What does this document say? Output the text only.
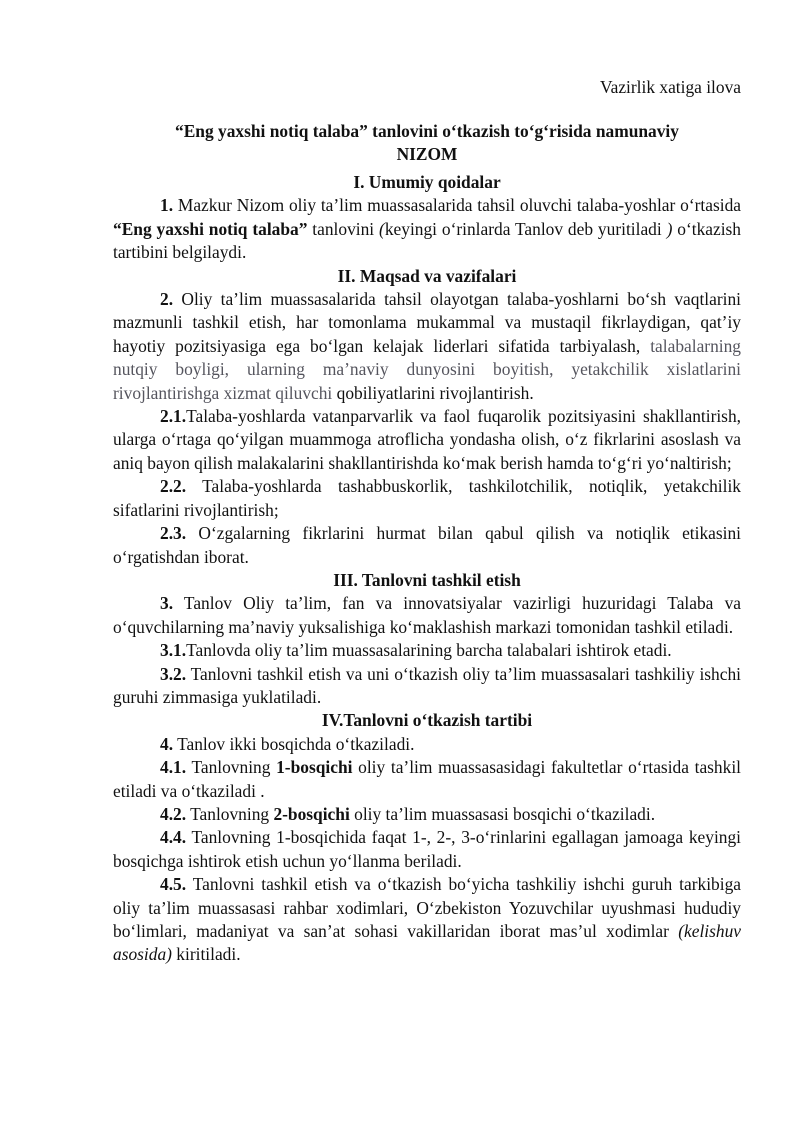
Vazirlik xatiga ilova
“Eng yaxshi notiq talaba” tanlovini o‘tkazish to‘g‘risida namunaviy
NIZOM
I. Umumiy qoidalar

1. Mazkur Nizom oliy ta’lim muassasalarida tahsil oluvchi talaba-yoshlar o‘rtasida “Eng yaxshi notiq talaba” tanlovini (keyingi o‘rinlarda Tanlov deb yuritiladi ) o‘tkazish tartibini belgilaydi.

II. Maqsad va vazifalari

2. Oliy ta’lim muassasalarida tahsil olayotgan talaba-yoshlarni bo‘sh vaqtlarini mazmunli tashkil etish, har tomonlama mukammal va mustaqil fikrlaydigan, qat’iy hayotiy pozitsiyasiga ega bo‘lgan kelajak liderlari sifatida tarbiyalash, talabalarning nutqiy boyligi, ularning ma’naviy dunyosini boyitish, yetakchilik xislatlarini rivojlantirishga xizmat qiluvchi qobiliyatlarini rivojlantirish.

2.1.Talaba-yoshlarda vatanparvarlik va faol fuqarolik pozitsiyasini shakllantirish, ularga o‘rtaga qo‘yilgan muammoga atroflicha yondasha olish, o‘z fikrlarini asoslash va aniq bayon qilish malakalarini shakllantirishda ko‘mak berish hamda to‘g‘ri yo‘naltirish;

2.2. Talaba-yoshlarda tashabbuskorlik, tashkilotchilik, notiqlik, yetakchilik sifatlarini rivojlantirish;

2.3. O‘zgalarning fikrlarini hurmat bilan qabul qilish va notiqlik etikasini o‘rgatishdan iborat.

III. Tanlovni tashkil etish

3. Tanlov Oliy ta’lim, fan va innovatsiyalar vazirligi huzuridagi Talaba va o‘quvchilarning ma’naviy yuksalishiga ko‘maklashish markazi tomonidan tashkil etiladi.

3.1.Tanlovda oliy ta’lim muassasalarining barcha talabalari ishtirok etadi.

3.2. Tanlovni tashkil etish va uni o‘tkazish oliy ta’lim muassasalari tashkiliy ishchi guruhi zimmasiga yuklatiladi.

IV.Tanlovni o‘tkazish tartibi

4. Tanlov ikki bosqichda o‘tkaziladi.

4.1. Tanlovning 1-bosqichi oliy ta’lim muassasasidagi fakultetlar o‘rtasida tashkil etiladi va o‘tkaziladi .

4.2. Tanlovning 2-bosqichi oliy ta’lim muassasasi bosqichi o‘tkaziladi.

4.4. Tanlovning 1-bosqichida faqat 1-, 2-, 3-o‘rinlarini egallagan jamoaga keyingi bosqichga ishtirok etish uchun yo‘llanma beriladi.

4.5. Tanlovni tashkil etish va o‘tkazish bo‘yicha tashkiliy ishchi guruh tarkibiga oliy ta’lim muassasasi rahbar xodimlari, O‘zbekiston Yozuvchilar uyushmasi hududiy bo‘limlari, madaniyat va san’at sohasi vakillaridan iborat mas’ul xodimlar (kelishuv asosida) kiritiladi.
